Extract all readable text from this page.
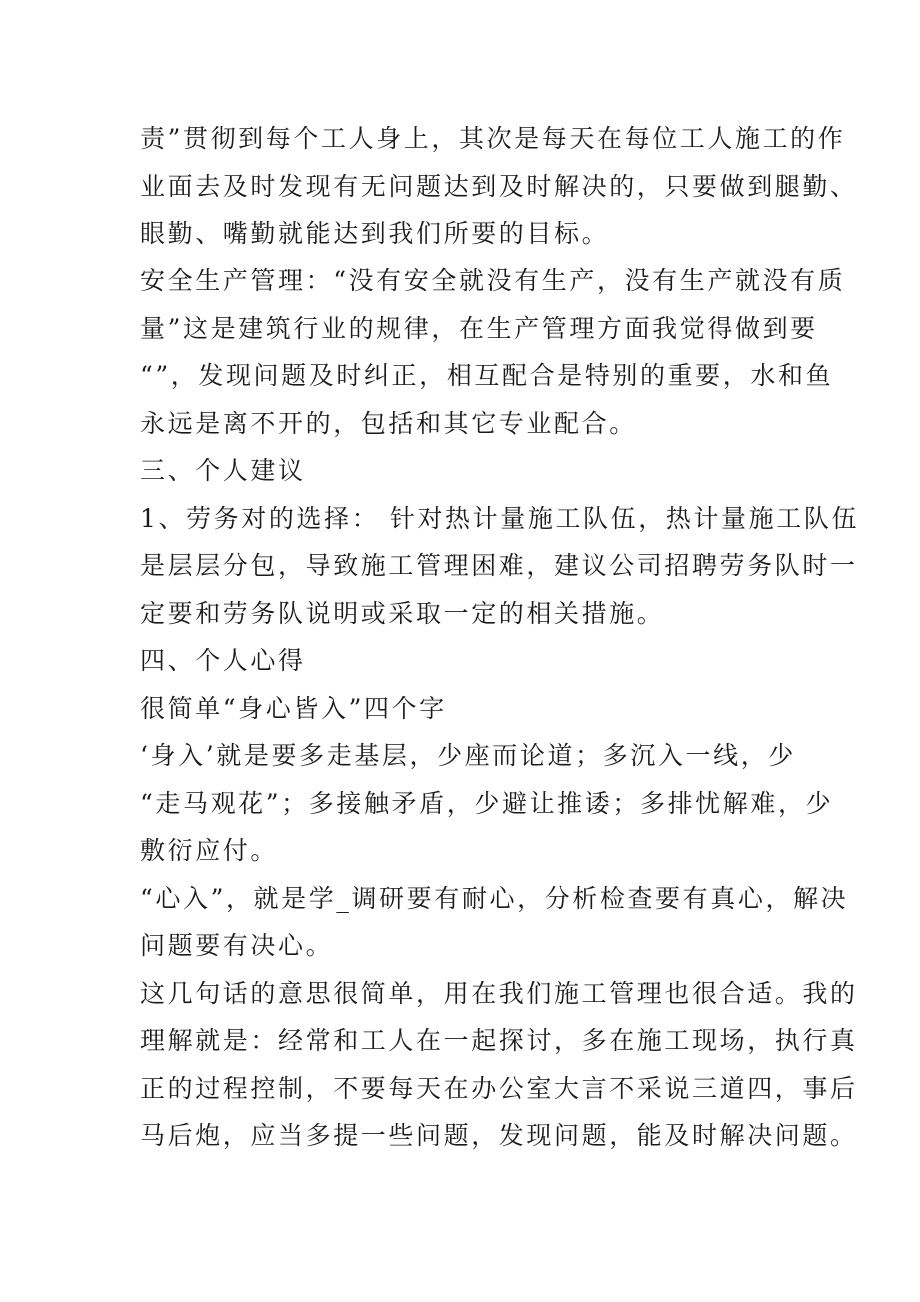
责”贯彻到每个工人身上，其次是每天在每位工人施工的作
业面去及时发现有无问题达到及时解决的，只要做到腿勤、
眼勤、嘴勤就能达到我们所要的目标。
安全生产管理：“没有安全就没有生产，没有生产就没有质
量”这是建筑行业的规律，在生产管理方面我觉得做到要
“”，发现问题及时纠正，相互配合是特别的重要，水和鱼
永远是离不开的，包括和其它专业配合。
三、个人建议
1、劳务对的选择： 针对热计量施工队伍，热计量施工队伍
是层层分包，导致施工管理困难，建议公司招聘劳务队时一
定要和劳务队说明或采取一定的相关措施。
四、个人心得
很简单“身心皆入”四个字
‘身入’就是要多走基层，少座而论道；多沉入一线，少
“走马观花”；多接触矛盾，少避让推诿；多排忧解难，少
敷衍应付。
“心入”，就是学_调研要有耐心，分析检查要有真心，解决
问题要有决心。
这几句话的意思很简单，用在我们施工管理也很合适。我的
理解就是：经常和工人在一起探讨，多在施工现场，执行真
正的过程控制，不要每天在办公室大言不采说三道四，事后
马后炮，应当多提一些问题，发现问题，能及时解决问题。
